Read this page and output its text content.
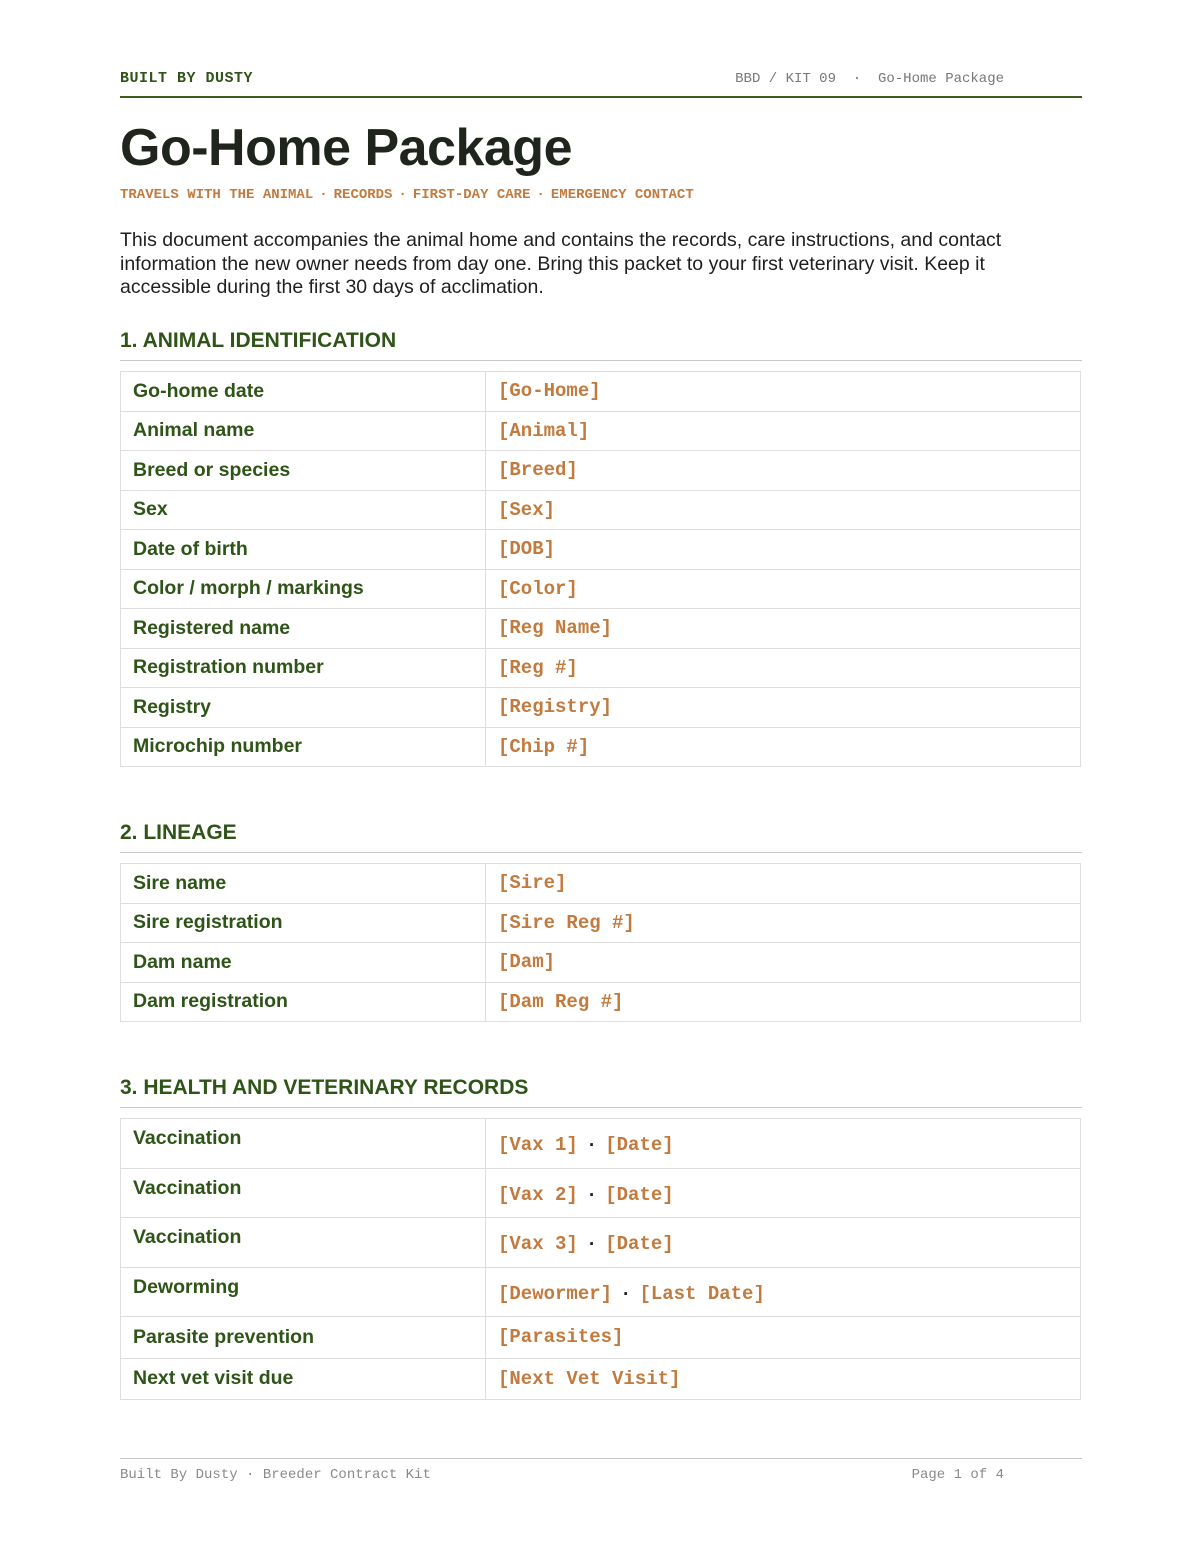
BUILT BY DUSTY	BBD / KIT 09  ·  Go-Home Package
Go-Home Package
TRAVELS WITH THE ANIMAL · RECORDS · FIRST-DAY CARE · EMERGENCY CONTACT

This document accompanies the animal home and contains the records, care instructions, and contact information the new owner needs from day one. Bring this packet to your first veterinary visit. Keep it accessible during the first 30 days of acclimation.

1. ANIMAL IDENTIFICATION
Go-home date	[Go-Home]
Animal name	[Animal]
Breed or species	[Breed]
Sex	[Sex]
Date of birth	[DOB]
Color / morph / markings	[Color]
Registered name	[Reg Name]
Registration number	[Reg #]
Registry	[Registry]
Microchip number	[Chip #]
2. LINEAGE
Sire name	[Sire]
Sire registration	[Sire Reg #]
Dam name	[Dam]
Dam registration	[Dam Reg #]
3. HEALTH AND VETERINARY RECORDS
Vaccination	[Vax 1] · [Date]
Vaccination	[Vax 2] · [Date]
Vaccination	[Vax 3] · [Date]
Deworming	[Dewormer] · [Last Date]
Parasite prevention	[Parasites]
Next vet visit due	[Next Vet Visit]
Built By Dusty · Breeder Contract Kit	Page 1 of 4
